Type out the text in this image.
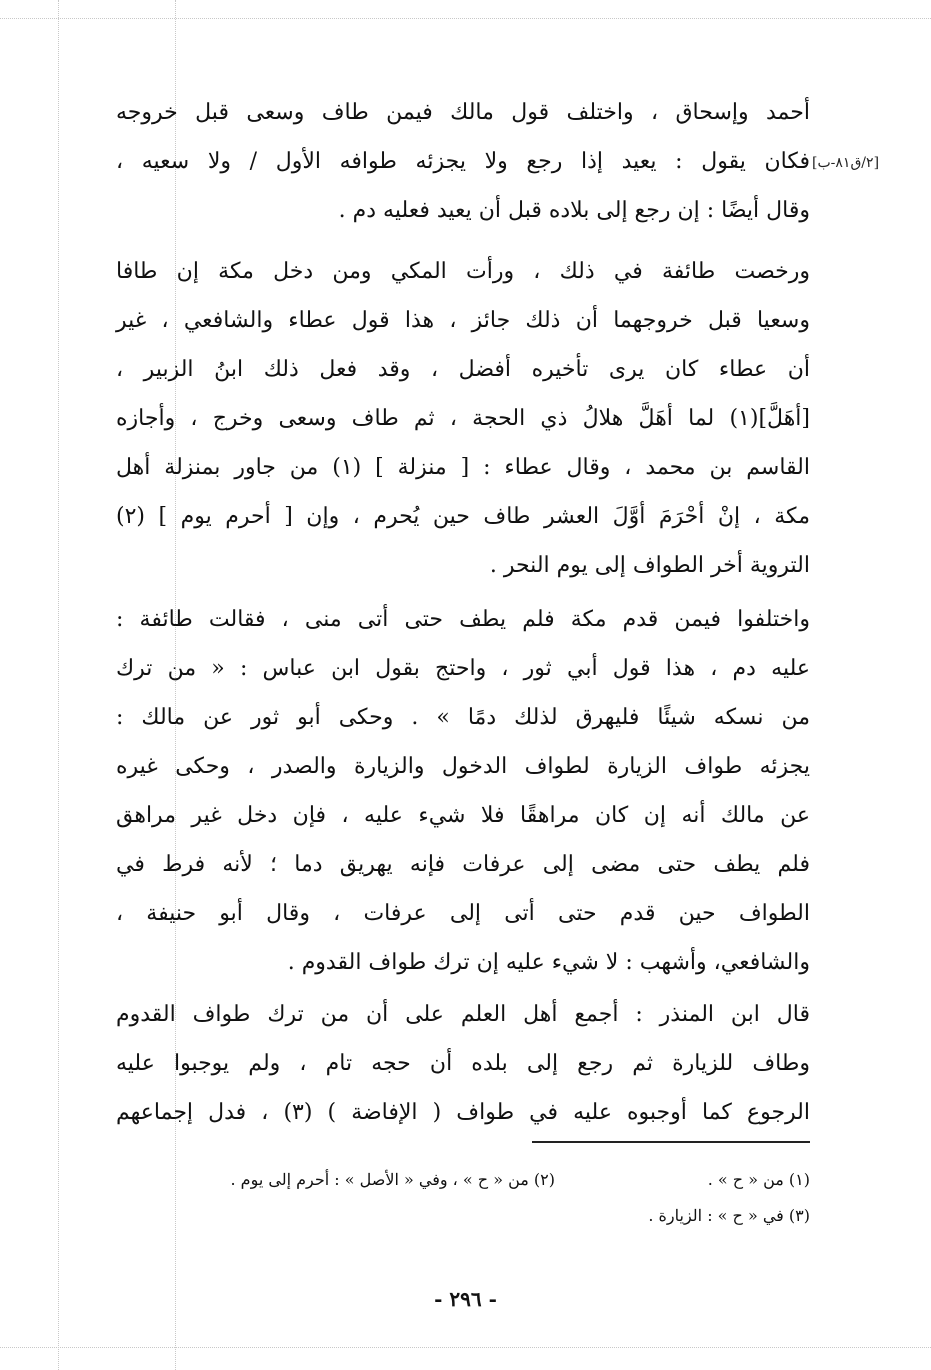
[٢/ق٨١-ب]
أحمد وإسحاق ، واختلف قول مالك فيمن طاف وسعى قبل خروجه
فكان يقول : يعيد إذا رجع ولا يجزئه طوافه الأول / ولا سعيه ،
وقال أيضًا : إن رجع إلى بلاده قبل أن يعيد فعليه دم .
ورخصت طائفة في ذلك ، ورأت المكي ومن دخل مكة إن طافا
وسعيا قبل خروجهما أن ذلك جائز ، هذا قول عطاء والشافعي ، غير
أن عطاء كان يرى تأخيره أفضل ، وقد فعل ذلك ابنُ الزبير ،
[أهَلَّ](١) لما أهَلَّ هلالُ ذي الحجة ، ثم طاف وسعى وخرج ، وأجازه
القاسم بن محمد ، وقال عطاء : [ منزلة ] (١) من جاور بمنزلة أهل
مكة ، إنْ أحْرَمَ أوَّلَ العشر طاف حين يُحرم ، وإن [ أحرم يوم ] (٢)
التروية أخر الطواف إلى يوم النحر .
واختلفوا فيمن قدم مكة فلم يطف حتى أتى منى ، فقالت طائفة :
عليه دم ، هذا قول أبي ثور ، واحتج بقول ابن عباس : « من ترك
من نسكه شيئًا فليهرق لذلك دمًا » . وحكى أبو ثور عن مالك :
يجزئه طواف الزيارة لطواف الدخول والزيارة والصدر ، وحكى غيره
عن مالك أنه إن كان مراهقًا فلا شيء عليه ، فإن دخل غير مراهق
فلم يطف حتى مضى إلى عرفات فإنه يهريق دما ؛ لأنه فرط في
الطواف حين قدم حتى أتى إلى عرفات ، وقال أبو حنيفة ،
والشافعي، وأشهب : لا شيء عليه إن ترك طواف القدوم .
قال ابن المنذر : أجمع أهل العلم على أن من ترك طواف القدوم
وطاف للزيارة ثم رجع إلى بلده أن حجه تام ، ولم يوجبوا عليه
الرجوع كما أوجبوه عليه في طواف ( الإفاضة ) (٣) ، فدل إجماعهم
(١) من « ح » .
(٢) من « ح » ، وفي « الأصل » : أحرم إلى يوم .
(٣) في « ح » : الزيارة .
- ٢٩٦ -
